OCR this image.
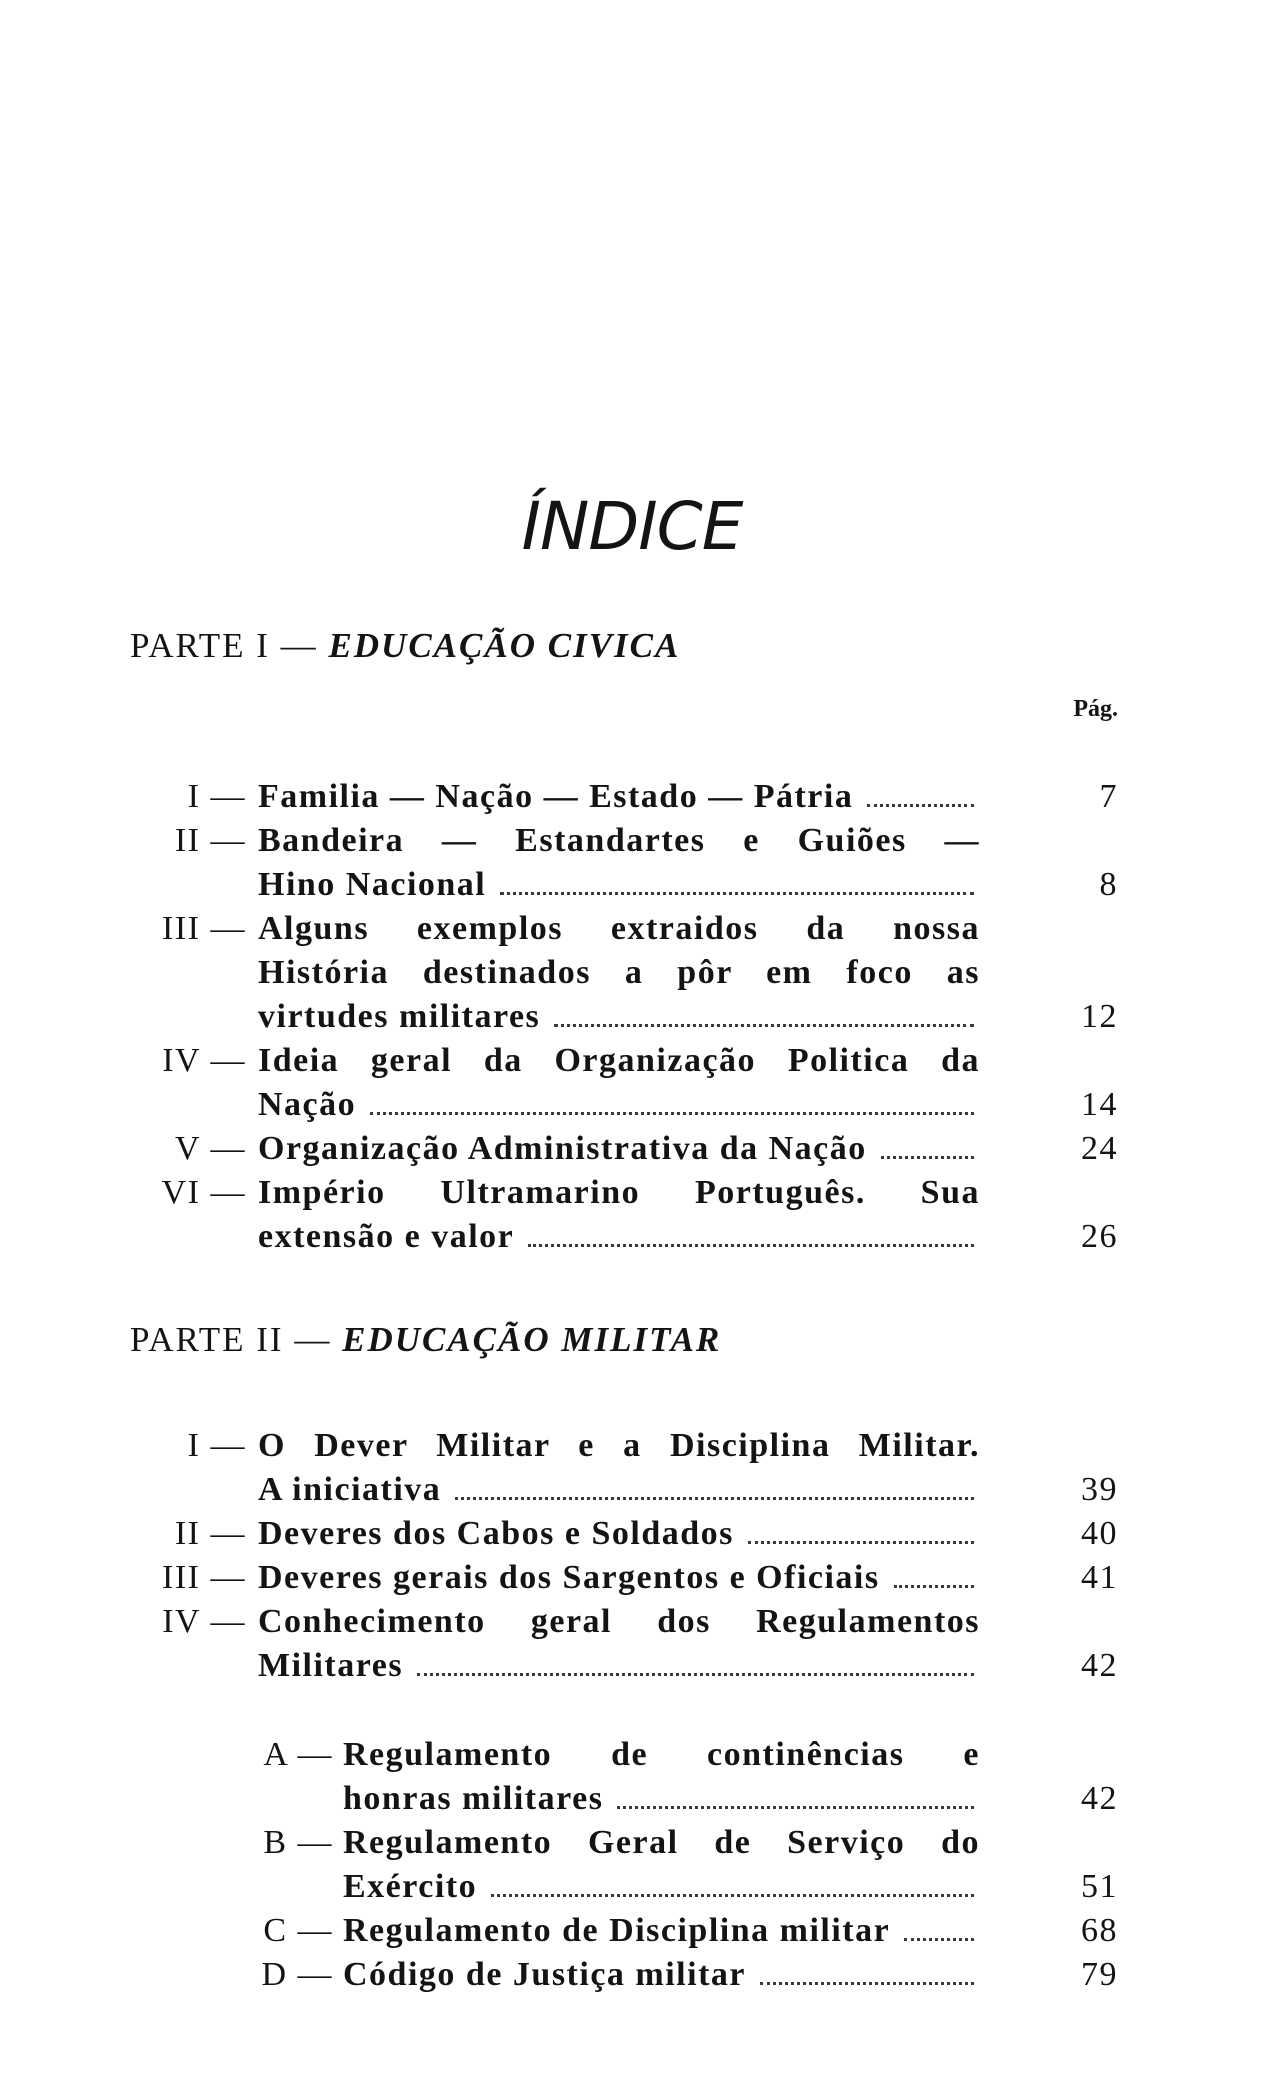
ÍNDICE
PARTE I — EDUCAÇÃO CIVICA
Pág.
I — Familia — Nação — Estado — Pátria	7
II — Bandeira — Estandartes e Guiões —
Hino Nacional	8
III — Alguns exemplos extraidos da nossa
História destinados a pôr em foco as
virtudes militares	12
IV — Ideia geral da Organização Politica da
Nação	14
V — Organização Administrativa da Nação	24
VI — Império Ultramarino Português. Sua
extensão e valor	26
PARTE II — EDUCAÇÃO MILITAR
I — O Dever Militar e a Disciplina Militar.
A iniciativa	39
II — Deveres dos Cabos e Soldados	40
III — Deveres gerais dos Sargentos e Oficiais	41
IV — Conhecimento geral dos Regulamentos
Militares	42
A — Regulamento de continências e
honras militares	42
B — Regulamento Geral de Serviço do
Exército	51
C — Regulamento de Disciplina militar	68
D — Código de Justiça militar	79
